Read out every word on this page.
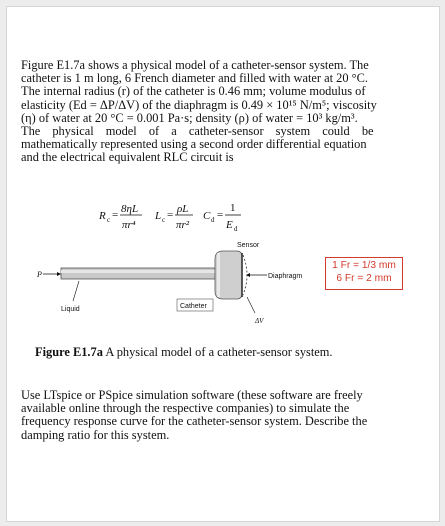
Figure E1.7a shows a physical model of a catheter-sensor system. The
catheter is 1 m long, 6 French diameter and filled with water at 20 °C.
The internal radius (r) of the catheter is 0.46 mm; volume modulus of
elasticity (Ed = ΔP/ΔV) of the diaphragm is 0.49 × 10¹⁵ N/m⁵; viscosity
(η) of water at 20 °C = 0.001 Pa·s; density (ρ) of water = 10³ kg/m³.
The physical model of a catheter-sensor system could be
mathematically represented using a second order differential equation
and the electrical equivalent RLC circuit is
R c = 8ηL
πr⁴
L c = ρL
πr²
C d =
1
E d
Sensor
P	Diaphragm
ΔV
Liquid	Catheter
1 Fr = 1/3 mm
6 Fr = 2 mm
Figure E1.7a A physical model of a catheter-sensor system.
Use LTspice or PSpice simulation software (these software are freely
available online through the respective companies) to simulate the
frequency response curve for the catheter-sensor system. Describe the
damping ratio for this system.
